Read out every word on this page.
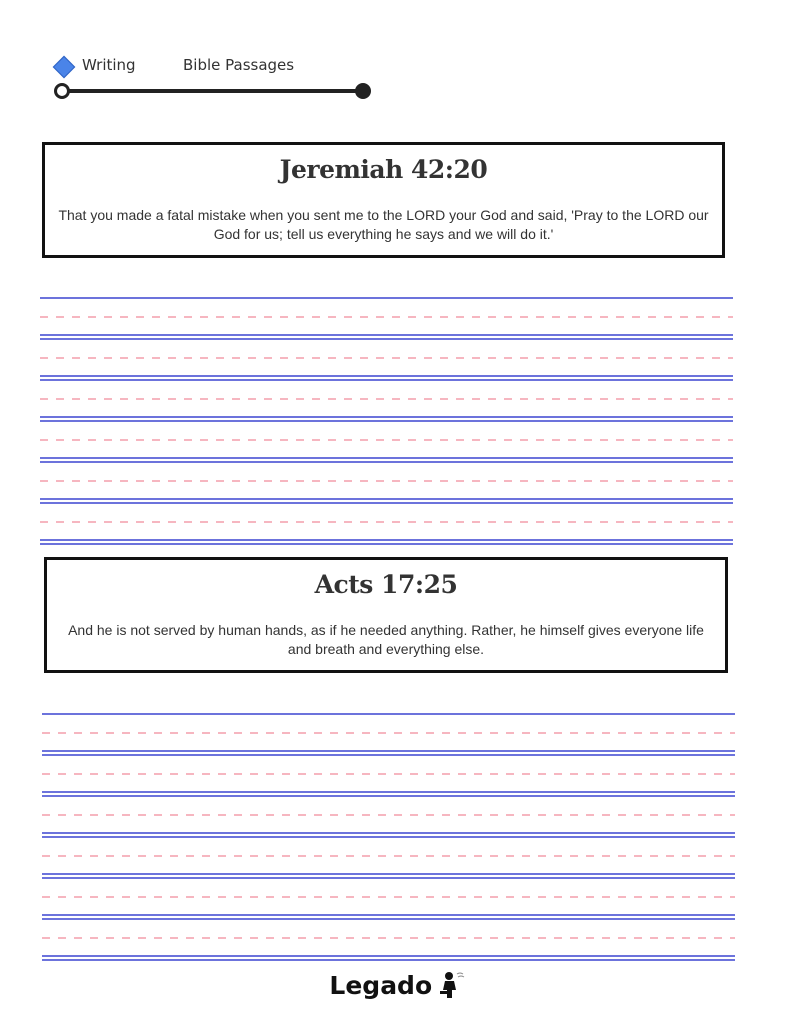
Writing	Bible Passages
Jeremiah 42:20
That you made a fatal mistake when you sent me to the LORD your God and said, 'Pray to the LORD our God for us; tell us everything he says and we will do it.'
Acts 17:25
And he is not served by human hands, as if he needed anything. Rather, he himself gives everyone life and breath and everything else.
Legado
